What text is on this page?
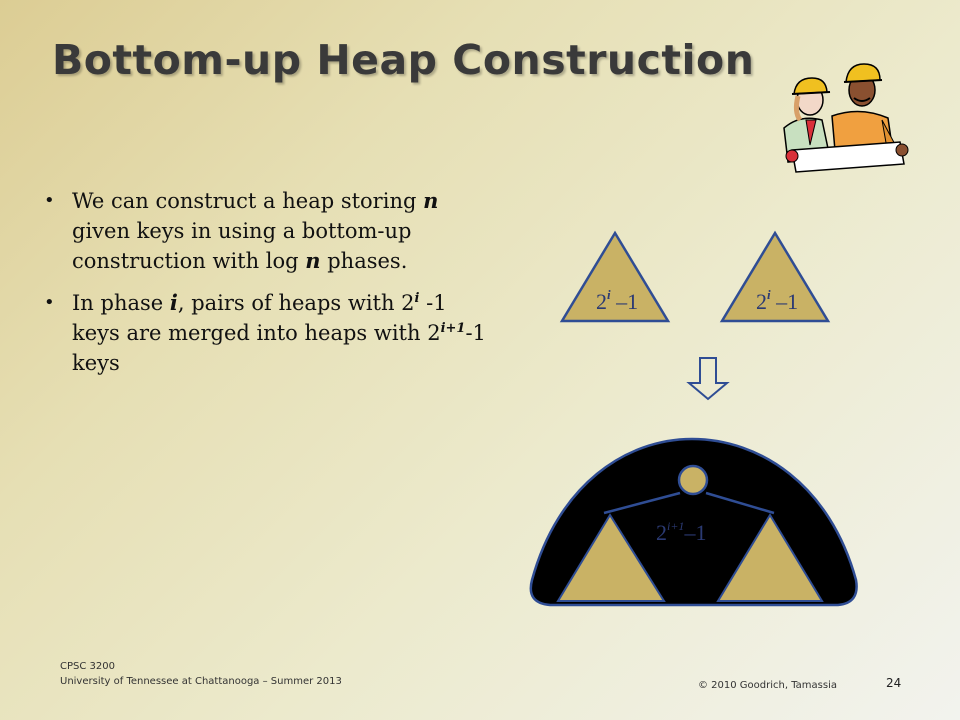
Bottom-up Heap Construction
• We can construct a heap storing n given keys in using a bottom-up construction with log n phases.
• In phase i, pairs of heaps with 2$^i$ -1 keys are merged into heaps with $2^{i+1}-1$ keys
2$^i$ –1	2$^i$ –1
$2^{i+1}-1$
CPSC 3200
University of Tennessee at Chattanooga – Summer 2013	© 2010 Goodrich, Tamassia	24
